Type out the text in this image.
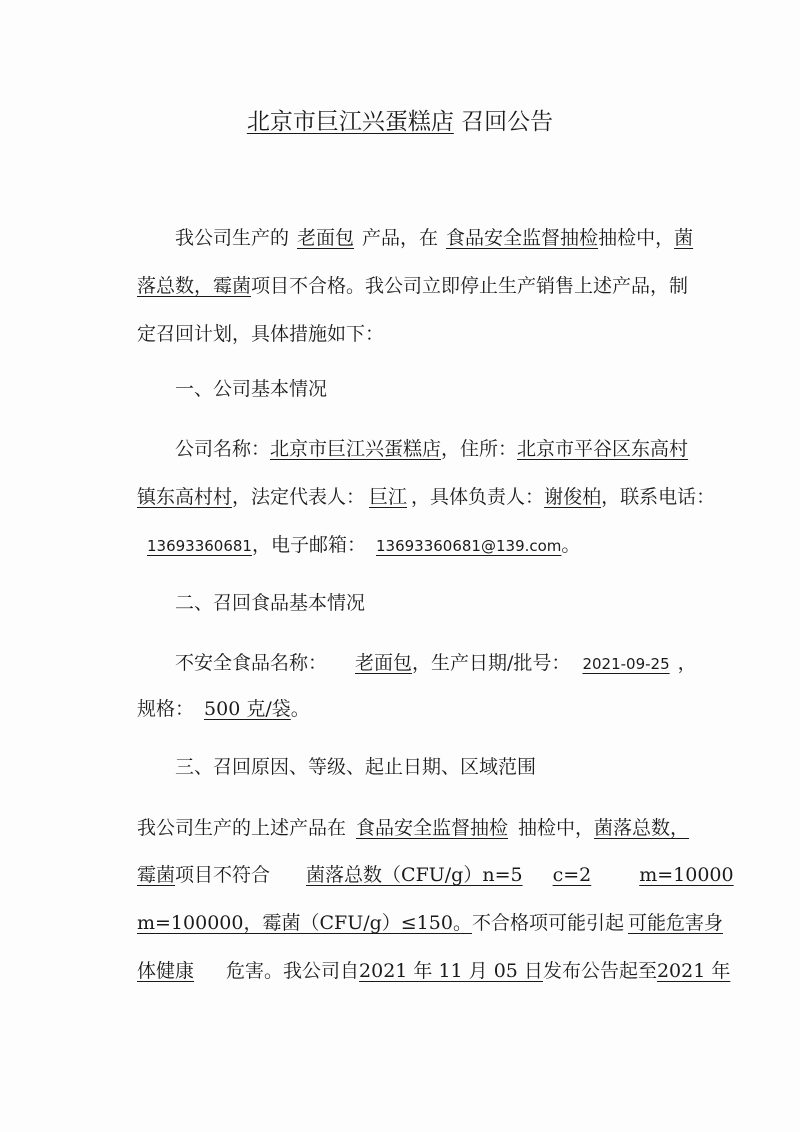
北京市巨江兴蛋糕店 召回公告
我公司生产的 老面包 产品，在 食品安全监督抽检抽检中，菌
落总数，霉菌项目不合格。我公司立即停止生产销售上述产品，制
定召回计划，具体措施如下：
一、公司基本情况
公司名称：北京市巨江兴蛋糕店，住所：北京市平谷区东高村
镇东高村村，法定代表人： 巨江 ，具体负责人：谢俊柏，联系电话：
13693360681，电子邮箱： 13693360681@139.com。
二、召回食品基本情况
不安全食品名称： 老面包，生产日期/批号： 2021-09-25 ，
规格： 500 克/袋。
三、召回原因、等级、起止日期、区域范围
我公司生产的上述产品在 食品安全监督抽检 抽检中，菌落总数，
霉菌项目不符合 菌落总数（CFU/g）n=5 c=2	m=10000
m=100000，霉菌（CFU/g）≤150。不合格项可能引起 可能危害身
体健康 危害。我公司自2021 年 11 月 05 日发布公告起至2021 年
